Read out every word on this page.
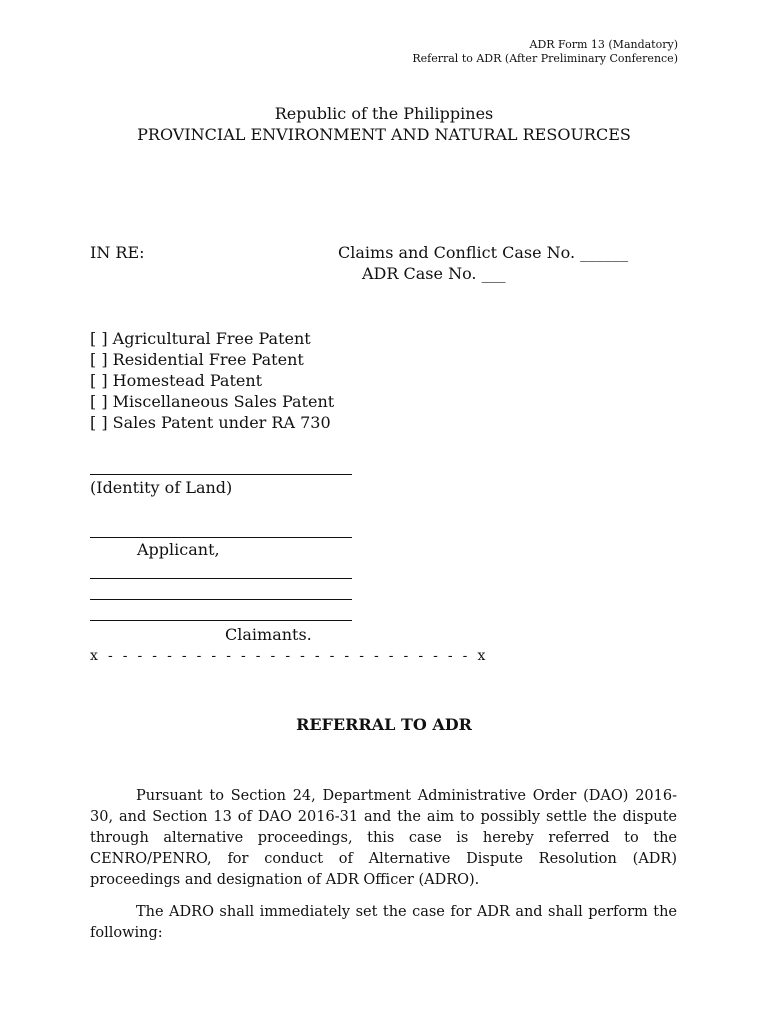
ADR Form 13 (Mandatory)
Referral to ADR (After Preliminary Conference)
Republic of the Philippines
PROVINCIAL ENVIRONMENT AND NATURAL RESOURCES
IN RE:	Claims and Conflict Case No. ______
ADR Case No. ___
[ ] Agricultural Free Patent
[ ] Residential Free Patent
[ ] Homestead Patent
[ ] Miscellaneous Sales Patent
[ ] Sales Patent under RA 730
(Identity of Land)
Applicant,
Claimants.
x - - - - - - - - - - - - - - - - - - - - - - - - - x
REFERRAL TO ADR

Pursuant to Section 24, Department Administrative Order (DAO) 2016-30, and Section 13 of DAO 2016-31 and the aim to possibly settle the dispute through alternative proceedings, this case is hereby referred to the CENRO/PENRO, for conduct of Alternative Dispute Resolution (ADR) proceedings and designation of ADR Officer (ADRO).

The ADRO shall immediately set the case for ADR and shall perform the following:
